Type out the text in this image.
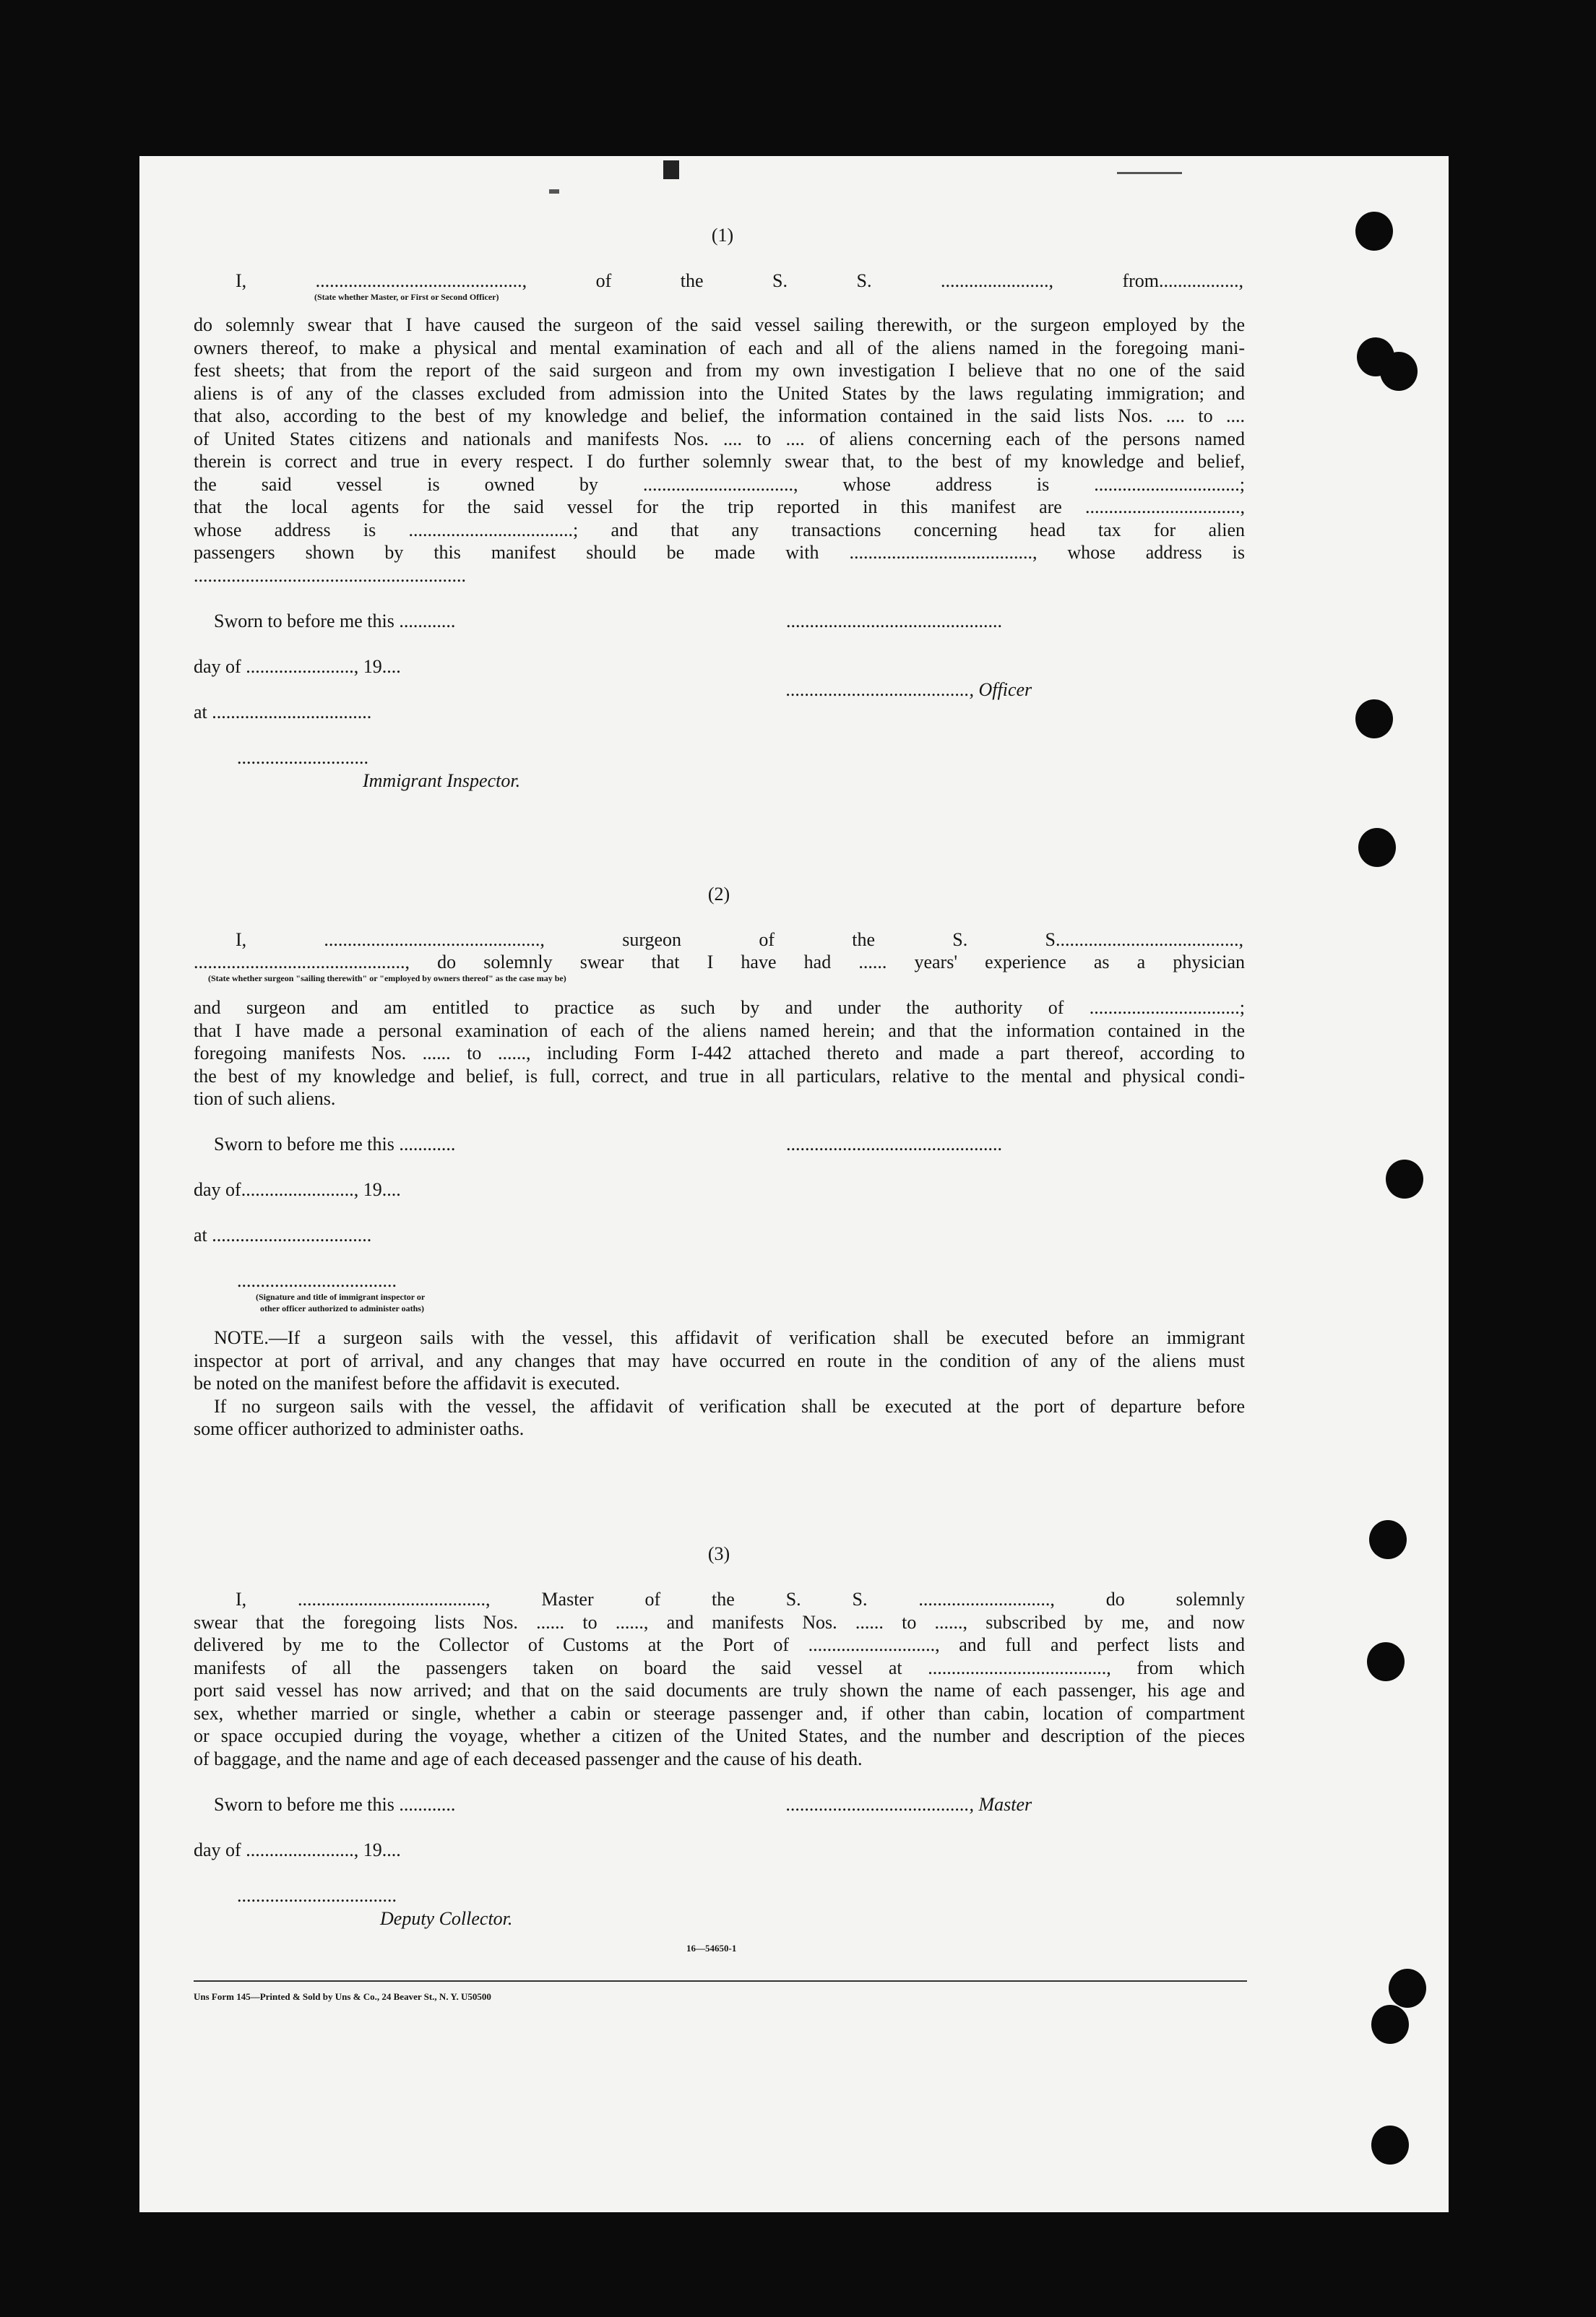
(1)
I, ............................................, of the S. S. ......................., from.................,
(State whether Master, or First or Second Officer)
do solemnly swear that I have caused the surgeon of the said vessel sailing therewith, or the surgeon employed by the
owners thereof, to make a physical and mental examination of each and all of the aliens named in the foregoing mani-
fest sheets; that from the report of the said surgeon and from my own investigation I believe that no one of the said
aliens is of any of the classes excluded from admission into the United States by the laws regulating immigration; and
that also, according to the best of my knowledge and belief, the information contained in the said lists Nos. .... to ....
of United States citizens and nationals and manifests Nos. .... to .... of aliens concerning each of the persons named
therein is correct and true in every respect. I do further solemnly swear that, to the best of my knowledge and belief,
the said vessel is owned by ................................, whose address is ...............................;
that the local agents for the said vessel for the trip reported in this manifest are .................................,
whose address is ...................................; and that any transactions concerning head tax for alien
passengers shown by this manifest should be made with ......................................., whose address is
..........................................................
Sworn to before me this ............	..............................................
day of ......................., 19....
......................................., Officer
at ..................................
............................
Immigrant Inspector.
(2)
I, .............................................., surgeon of the S. S.......................................,
............................................., do solemnly swear that I have had ...... years' experience as a physician
(State whether surgeon "sailing therewith" or "employed by owners thereof" as the case may be)
and surgeon and am entitled to practice as such by and under the authority of ................................;
that I have made a personal examination of each of the aliens named herein; and that the information contained in the
foregoing manifests Nos. ...... to ......, including Form I-442 attached thereto and made a part thereof, according to
the best of my knowledge and belief, is full, correct, and true in all particulars, relative to the mental and physical condi-
tion of such aliens.
Sworn to before me this ............	..............................................
day of........................, 19....
at ..................................
..................................
(Signature and title of immigrant inspector or
other officer authorized to administer oaths)
NOTE.—If a surgeon sails with the vessel, this affidavit of verification shall be executed before an immigrant
inspector at port of arrival, and any changes that may have occurred en route in the condition of any of the aliens must
be noted on the manifest before the affidavit is executed.
If no surgeon sails with the vessel, the affidavit of verification shall be executed at the port of departure before
some officer authorized to administer oaths.
(3)
I, ........................................, Master of the S. S. ............................, do solemnly
swear that the foregoing lists Nos. ...... to ......, and manifests Nos. ...... to ......, subscribed by me, and now
delivered by me to the Collector of Customs at the Port of ..........................., and full and perfect lists and
manifests of all the passengers taken on board the said vessel at ......................................, from which
port said vessel has now arrived; and that on the said documents are truly shown the name of each passenger, his age and
sex, whether married or single, whether a cabin or steerage passenger and, if other than cabin, location of compartment
or space occupied during the voyage, whether a citizen of the United States, and the number and description of the pieces
of baggage, and the name and age of each deceased passenger and the cause of his death.
Sworn to before me this ............	......................................., Master
day of ......................., 19....
..................................
Deputy Collector.
16—54650-1
Uns Form 145—Printed & Sold by Uns & Co., 24 Beaver St., N. Y. U50500
